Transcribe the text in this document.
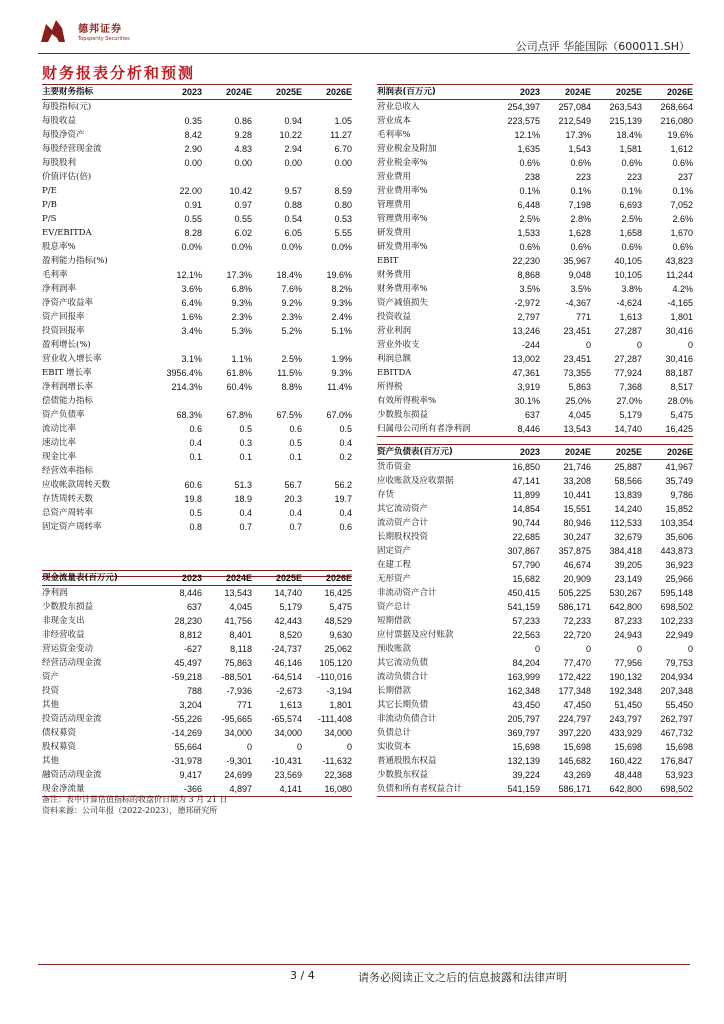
德邦证券
Topsperity Securities
公司点评 华能国际（600011.SH）
财务报表分析和预测
主要财务指标	2023	2024E	2025E	2026E
每股指标(元)				
每股收益	0.35	0.86	0.94	1.05
每股净资产	8.42	9.28	10.22	11.27
每股经营现金流	2.90	4.83	2.94	6.70
每股股利	0.00	0.00	0.00	0.00
价值评估(倍)				
P/E	22.00	10.42	9.57	8.59
P/B	0.91	0.97	0.88	0.80
P/S	0.55	0.55	0.54	0.53
EV/EBITDA	8.28	6.02	6.05	5.55
股息率%	0.0%	0.0%	0.0%	0.0%
盈利能力指标(%)				
毛利率	12.1%	17.3%	18.4%	19.6%
净利润率	3.6%	6.8%	7.6%	8.2%
净资产收益率	6.4%	9.3%	9.2%	9.3%
资产回报率	1.6%	2.3%	2.3%	2.4%
投资回报率	3.4%	5.3%	5.2%	5.1%
盈利增长(%)				
营业收入增长率	3.1%	1.1%	2.5%	1.9%
EBIT 增长率	3956.4%	61.8%	11.5%	9.3%
净利润增长率	214.3%	60.4%	8.8%	11.4%
偿债能力指标				
资产负债率	68.3%	67.8%	67.5%	67.0%
流动比率	0.6	0.5	0.6	0.5
速动比率	0.4	0.3	0.5	0.4
现金比率	0.1	0.1	0.1	0.2
经营效率指标				
应收帐款周转天数	60.6	51.3	56.7	56.2
存货周转天数	19.8	18.9	20.3	19.7
总资产周转率	0.5	0.4	0.4	0.4
固定资产周转率	0.8	0.7	0.7	0.6

现金流量表(百万元)	2023	2024E	2025E	2026E
净利润	8,446	13,543	14,740	16,425
少数股东损益	637	4,045	5,179	5,475
非现金支出	28,230	41,756	42,443	48,529
非经营收益	8,812	8,401	8,520	9,630
营运资金变动	-627	8,118	-24,737	25,062
经营活动现金流	45,497	75,863	46,146	105,120
资产	-59,218	-88,501	-64,514	-110,016
投资	788	-7,936	-2,673	-3,194
其他	3,204	771	1,613	1,801
投资活动现金流	-55,226	-95,665	-65,574	-111,408
债权募资	-14,269	34,000	34,000	34,000
股权募资	55,664	0	0	0
其他	-31,978	-9,301	-10,431	-11,632
融资活动现金流	9,417	24,699	23,569	22,368
现金净流量	-366	4,897	4,141	16,080
利润表(百万元)	2023	2024E	2025E	2026E
营业总收入	254,397	257,084	263,543	268,664
营业成本	223,575	212,549	215,139	216,080
毛利率%	12.1%	17.3%	18.4%	19.6%
营业税金及附加	1,635	1,543	1,581	1,612
营业税金率%	0.6%	0.6%	0.6%	0.6%
营业费用	238	223	223	237
营业费用率%	0.1%	0.1%	0.1%	0.1%
管理费用	6,448	7,198	6,693	7,052
管理费用率%	2.5%	2.8%	2.5%	2.6%
研发费用	1,533	1,628	1,658	1,670
研发费用率%	0.6%	0.6%	0.6%	0.6%
EBIT	22,230	35,967	40,105	43,823
财务费用	8,868	9,048	10,105	11,244
财务费用率%	3.5%	3.5%	3.8%	4.2%
资产减值损失	-2,972	-4,367	-4,624	-4,165
投资收益	2,797	771	1,613	1,801
营业利润	13,246	23,451	27,287	30,416
营业外收支	-244	0	0	0
利润总额	13,002	23,451	27,287	30,416
EBITDA	47,361	73,355	77,924	88,187
所得税	3,919	5,863	7,368	8,517
有效所得税率%	30.1%	25.0%	27.0%	28.0%
少数股东损益	637	4,045	5,179	5,475
归属母公司所有者净利润	8,446	13,543	14,740	16,425
资产负债表(百万元)	2023	2024E	2025E	2026E
货币资金	16,850	21,746	25,887	41,967
应收账款及应收票据	47,141	33,208	58,566	35,749
存货	11,899	10,441	13,839	9,786
其它流动资产	14,854	15,551	14,240	15,852
流动资产合计	90,744	80,946	112,533	103,354
长期股权投资	22,685	30,247	32,679	35,606
固定资产	307,867	357,875	384,418	443,873
在建工程	57,790	46,674	39,205	36,923
无形资产	15,682	20,909	23,149	25,966
非流动资产合计	450,415	505,225	530,267	595,148
资产总计	541,159	586,171	642,800	698,502
短期借款	57,233	72,233	87,233	102,233
应付票据及应付账款	22,563	22,720	24,943	22,949
预收账款	0	0	0	0
其它流动负债	84,204	77,470	77,956	79,753
流动负债合计	163,999	172,422	190,132	204,934
长期借款	162,348	177,348	192,348	207,348
其它长期负债	43,450	47,450	51,450	55,450
非流动负债合计	205,797	224,797	243,797	262,797
负债总计	369,797	397,220	433,929	467,732
实收资本	15,698	15,698	15,698	15,698
普通股股东权益	132,139	145,682	160,422	176,847
少数股东权益	39,224	43,269	48,448	53,923
负债和所有者权益合计	541,159	586,171	642,800	698,502
备注：表中计算估值指标的收盘价日期为 3 月 21 日
资料来源：公司年报（2022-2023），德邦研究所
3 / 4	请务必阅读正文之后的信息披露和法律声明
